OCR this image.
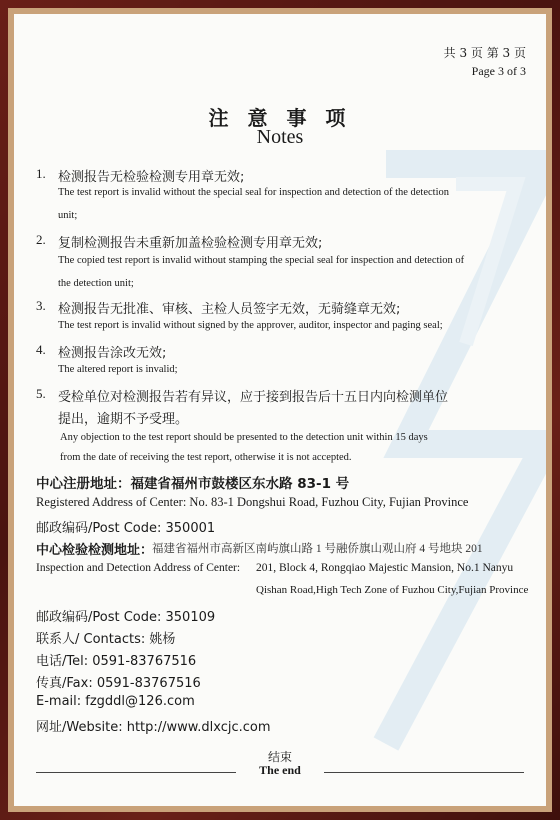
共 3 页 第 3 页
Page 3 of 3
注 意 事 项
Notes
1. 检测报告无检验检测专用章无效;
The test report is invalid without the special seal for inspection and detection of the detection
unit;
2. 复制检测报告未重新加盖检验检测专用章无效;
The copied test report is invalid without stamping the special seal for inspection and detection of
the detection unit;
3. 检测报告无批准、审核、主检人员签字无效，无骑缝章无效;
The test report is invalid without signed by the approver, auditor, inspector and paging seal;
4. 检测报告涂改无效;
The altered report is invalid;
5. 受检单位对检测报告若有异议，应于接到报告后十五日内向检测单位
提出，逾期不予受理。
Any objection to the test report should be presented to the detection unit within 15 days
from the date of receiving the test report, otherwise it is not accepted.
中心注册地址：福建省福州市鼓楼区东水路 83-1 号
Registered Address of Center: No. 83-1 Dongshui Road, Fuzhou City, Fujian Province
邮政编码/Post Code: 350001
中心检验检测地址：
福建省福州市高新区南屿旗山路 1 号融侨旗山观山府 4 号地块 201
Inspection and Detection Address of Center: 201, Block 4, Rongqiao Majestic Mansion, No.1 Nanyu
Qishan Road,High Tech Zone of Fuzhou City,Fujian Province
邮政编码/Post Code: 350109
联系人/ Contacts: 姚杨
电话/Tel: 0591-83767516
传真/Fax: 0591-83767516
E-mail: fzgddl@126.com
网址/Website: http://www.dlxcjc.com
结束
The end
